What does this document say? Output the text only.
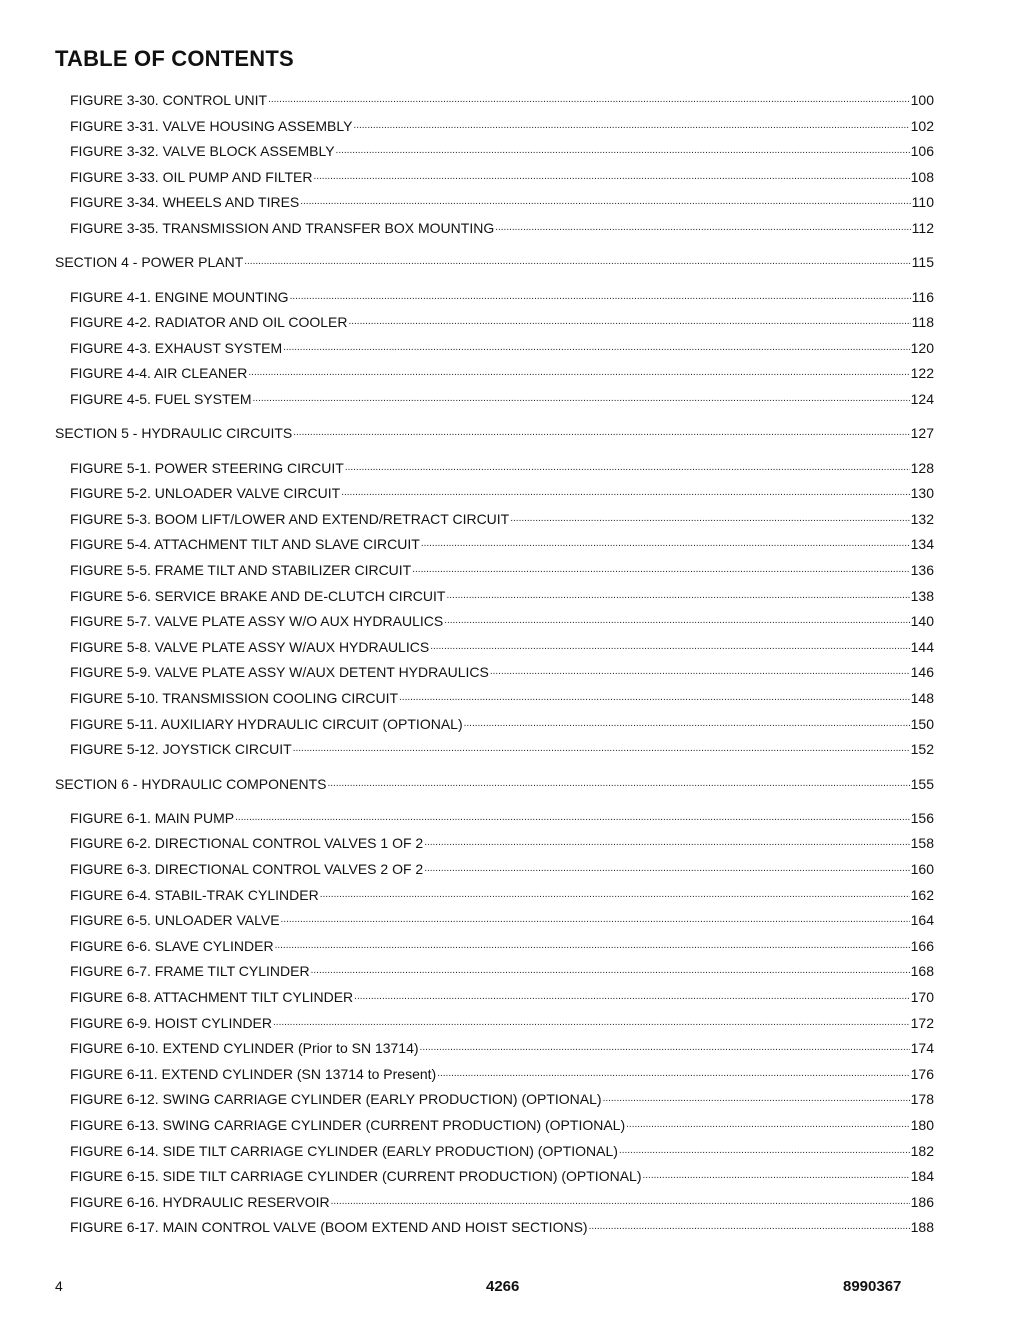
FIGURE 3-30. CONTROL UNIT .....	100
FIGURE 3-31. VALVE HOUSING ASSEMBLY .....	102
FIGURE 3-32. VALVE BLOCK ASSEMBLY .....	106
FIGURE 3-33. OIL PUMP AND FILTER .....	108
FIGURE 3-34. WHEELS AND TIRES .....	110
FIGURE 3-35. TRANSMISSION AND TRANSFER BOX MOUNTING .....	112
SECTION 4 - POWER PLANT .....	115
FIGURE 4-1. ENGINE MOUNTING .....	116
FIGURE 4-2. RADIATOR AND OIL COOLER .....	118
FIGURE 4-3. EXHAUST SYSTEM .....	120
FIGURE 4-4. AIR CLEANER .....	122
FIGURE 4-5. FUEL SYSTEM .....	124
SECTION 5 - HYDRAULIC CIRCUITS .....	127
FIGURE 5-1. POWER STEERING CIRCUIT .....	128
FIGURE 5-2. UNLOADER VALVE CIRCUIT .....	130
FIGURE 5-3. BOOM LIFT/LOWER AND EXTEND/RETRACT CIRCUIT .....	132
FIGURE 5-4. ATTACHMENT TILT AND SLAVE CIRCUIT .....	134
FIGURE 5-5. FRAME TILT AND STABILIZER CIRCUIT .....	136
FIGURE 5-6. SERVICE BRAKE AND DE-CLUTCH CIRCUIT .....	138
FIGURE 5-7. VALVE PLATE ASSY W/O AUX HYDRAULICS .....	140
FIGURE 5-8. VALVE PLATE ASSY W/AUX HYDRAULICS .....	144
FIGURE 5-9. VALVE PLATE ASSY W/AUX DETENT HYDRAULICS .....	146
FIGURE 5-10. TRANSMISSION COOLING CIRCUIT .....	148
FIGURE 5-11. AUXILIARY HYDRAULIC CIRCUIT (OPTIONAL) .....	150
FIGURE 5-12. JOYSTICK CIRCUIT .....	152
SECTION 6 - HYDRAULIC COMPONENTS .....	155
FIGURE 6-1. MAIN PUMP .....	156
FIGURE 6-2. DIRECTIONAL CONTROL VALVES 1 OF 2 .....	158
FIGURE 6-3. DIRECTIONAL CONTROL VALVES 2 OF 2 .....	160
FIGURE 6-4. STABIL-TRAK CYLINDER .....	162
FIGURE 6-5. UNLOADER VALVE .....	164
FIGURE 6-6. SLAVE CYLINDER .....	166
FIGURE 6-7. FRAME TILT CYLINDER .....	168
FIGURE 6-8. ATTACHMENT TILT CYLINDER .....	170
FIGURE 6-9. HOIST CYLINDER .....	172
FIGURE 6-10. EXTEND CYLINDER (Prior to SN 13714) .....	174
FIGURE 6-11. EXTEND CYLINDER (SN 13714 to Present) .....	176
FIGURE 6-12. SWING CARRIAGE CYLINDER (EARLY PRODUCTION) (OPTIONAL) .....	178
FIGURE 6-13. SWING CARRIAGE CYLINDER (CURRENT PRODUCTION) (OPTIONAL) .....	180
FIGURE 6-14. SIDE TILT CARRIAGE CYLINDER (EARLY PRODUCTION) (OPTIONAL) .....	182
FIGURE 6-15. SIDE TILT CARRIAGE CYLINDER (CURRENT PRODUCTION) (OPTIONAL) .....	184
FIGURE 6-16. HYDRAULIC RESERVOIR .....	186
FIGURE 6-17. MAIN CONTROL VALVE (BOOM EXTEND AND HOIST SECTIONS) .....	188
TABLE OF CONTENTS
4	4266	8990367
